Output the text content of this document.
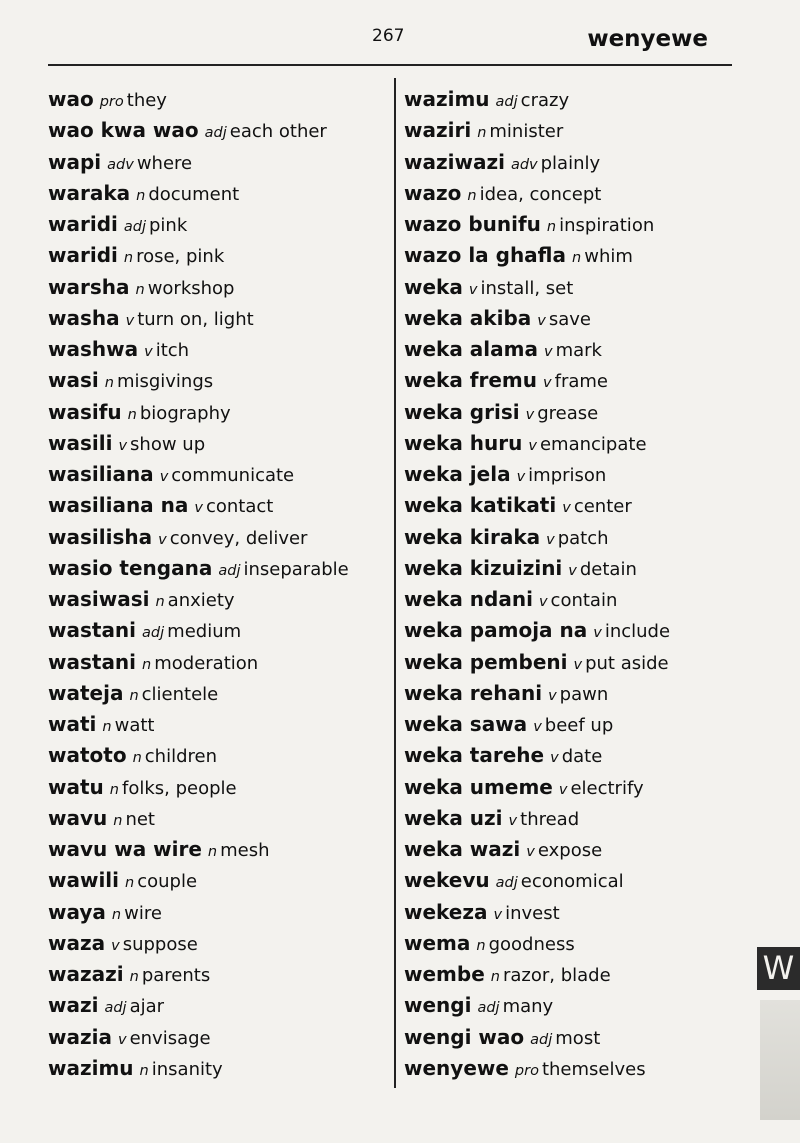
267	wenyewe
wao pro they
wao kwa wao adj each other
wapi adv where
waraka n document
waridi adj pink
waridi n rose, pink
warsha n workshop
washa v turn on, light
washwa v itch
wasi n misgivings
wasifu n biography
wasili v show up
wasiliana v communicate
wasiliana na v contact
wasilisha v convey, deliver
wasio tengana adj inseparable
wasiwasi n anxiety
wastani adj medium
wastani n moderation
wateja n clientele
wati n watt
watoto n children
watu n folks, people
wavu n net
wavu wa wire n mesh
wawili n couple
waya n wire
waza v suppose
wazazi n parents
wazi adj ajar
wazia v envisage
wazimu n insanity
wazimu adj crazy
waziri n minister
waziwazi adv plainly
wazo n idea, concept
wazo bunifu n inspiration
wazo la ghafla n whim
weka v install, set
weka akiba v save
weka alama v mark
weka fremu v frame
weka grisi v grease
weka huru v emancipate
weka jela v imprison
weka katikati v center
weka kiraka v patch
weka kizuizini v detain
weka ndani v contain
weka pamoja na v include
weka pembeni v put aside
weka rehani v pawn
weka sawa v beef up
weka tarehe v date
weka umeme v electrify
weka uzi v thread
weka wazi v expose
wekevu adj economical
wekeza v invest
wema n goodness
wembe n razor, blade
wengi adj many
wengi wao adj most
wenyewe pro themselves
W
